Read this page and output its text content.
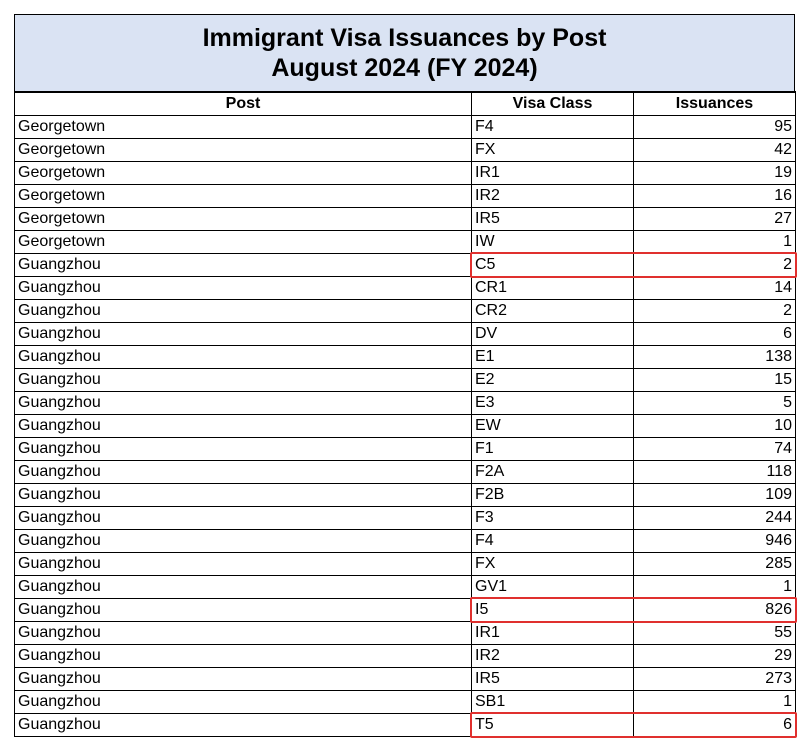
Immigrant Visa Issuances by Post
August 2024 (FY 2024)
Post	Visa Class	Issuances
Georgetown	F4	95
Georgetown	FX	42
Georgetown	IR1	19
Georgetown	IR2	16
Georgetown	IR5	27
Georgetown	IW	1
Guangzhou	C5	2
Guangzhou	CR1	14
Guangzhou	CR2	2
Guangzhou	DV	6
Guangzhou	E1	138
Guangzhou	E2	15
Guangzhou	E3	5
Guangzhou	EW	10
Guangzhou	F1	74
Guangzhou	F2A	118
Guangzhou	F2B	109
Guangzhou	F3	244
Guangzhou	F4	946
Guangzhou	FX	285
Guangzhou	GV1	1
Guangzhou	I5	826
Guangzhou	IR1	55
Guangzhou	IR2	29
Guangzhou	IR5	273
Guangzhou	SB1	1
Guangzhou	T5	6
